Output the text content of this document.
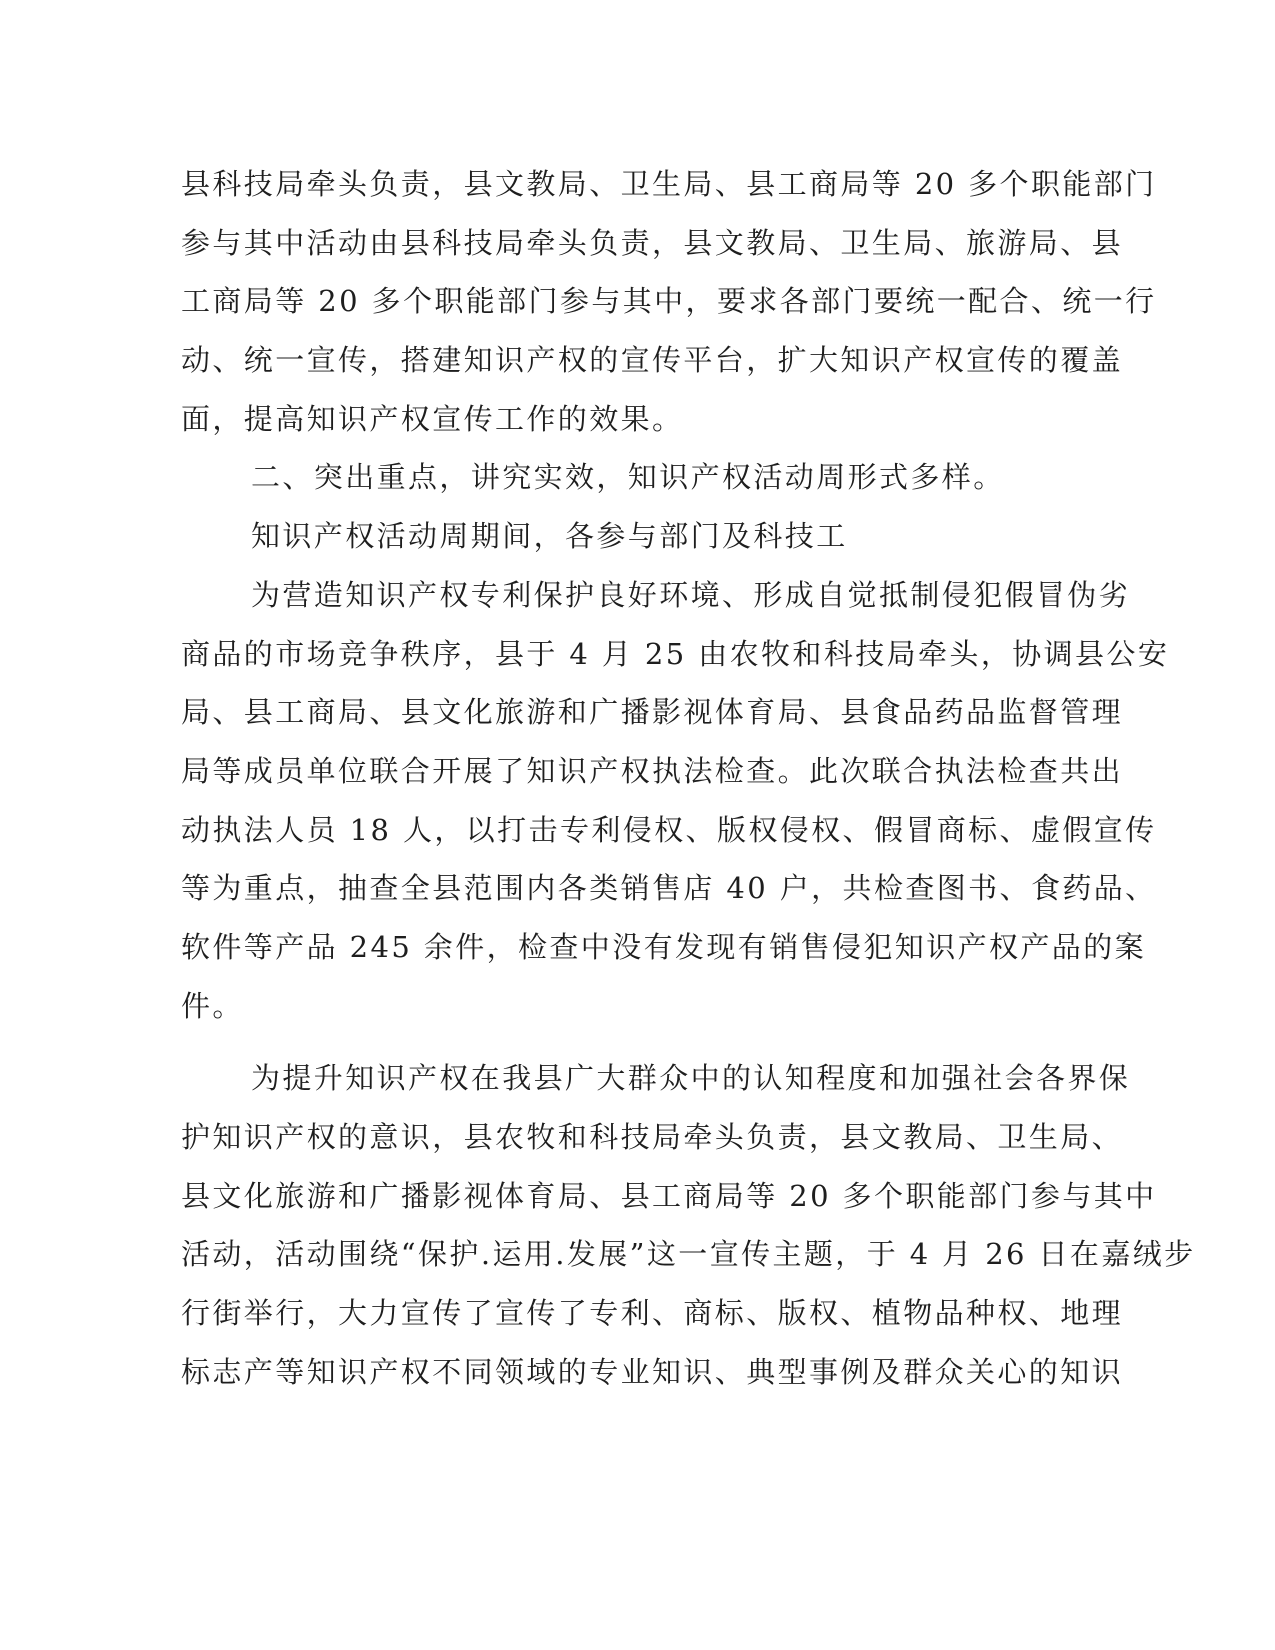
县科技局牵头负责，县文教局、卫生局、县工商局等 20 多个职能部门
参与其中活动由县科技局牵头负责，县文教局、卫生局、旅游局、县
工商局等 20 多个职能部门参与其中，要求各部门要统一配合、统一行
动、统一宣传，搭建知识产权的宣传平台，扩大知识产权宣传的覆盖
面，提高知识产权宣传工作的效果。
二、突出重点，讲究实效，知识产权活动周形式多样。
知识产权活动周期间，各参与部门及科技工
为营造知识产权专利保护良好环境、形成自觉抵制侵犯假冒伪劣
商品的市场竞争秩序，县于 4 月 25 由农牧和科技局牵头，协调县公安
局、县工商局、县文化旅游和广播影视体育局、县食品药品监督管理
局等成员单位联合开展了知识产权执法检查。此次联合执法检查共出
动执法人员 18 人，以打击专利侵权、版权侵权、假冒商标、虚假宣传
等为重点，抽查全县范围内各类销售店 40 户，共检查图书、食药品、
软件等产品 245 余件，检查中没有发现有销售侵犯知识产权产品的案
件。
为提升知识产权在我县广大群众中的认知程度和加强社会各界保
护知识产权的意识，县农牧和科技局牵头负责，县文教局、卫生局、
县文化旅游和广播影视体育局、县工商局等 20 多个职能部门参与其中
活动，活动围绕“保护.运用.发展”这一宣传主题，于 4 月 26 日在嘉绒步
行街举行，大力宣传了宣传了专利、商标、版权、植物品种权、地理
标志产等知识产权不同领域的专业知识、典型事例及群众关心的知识
